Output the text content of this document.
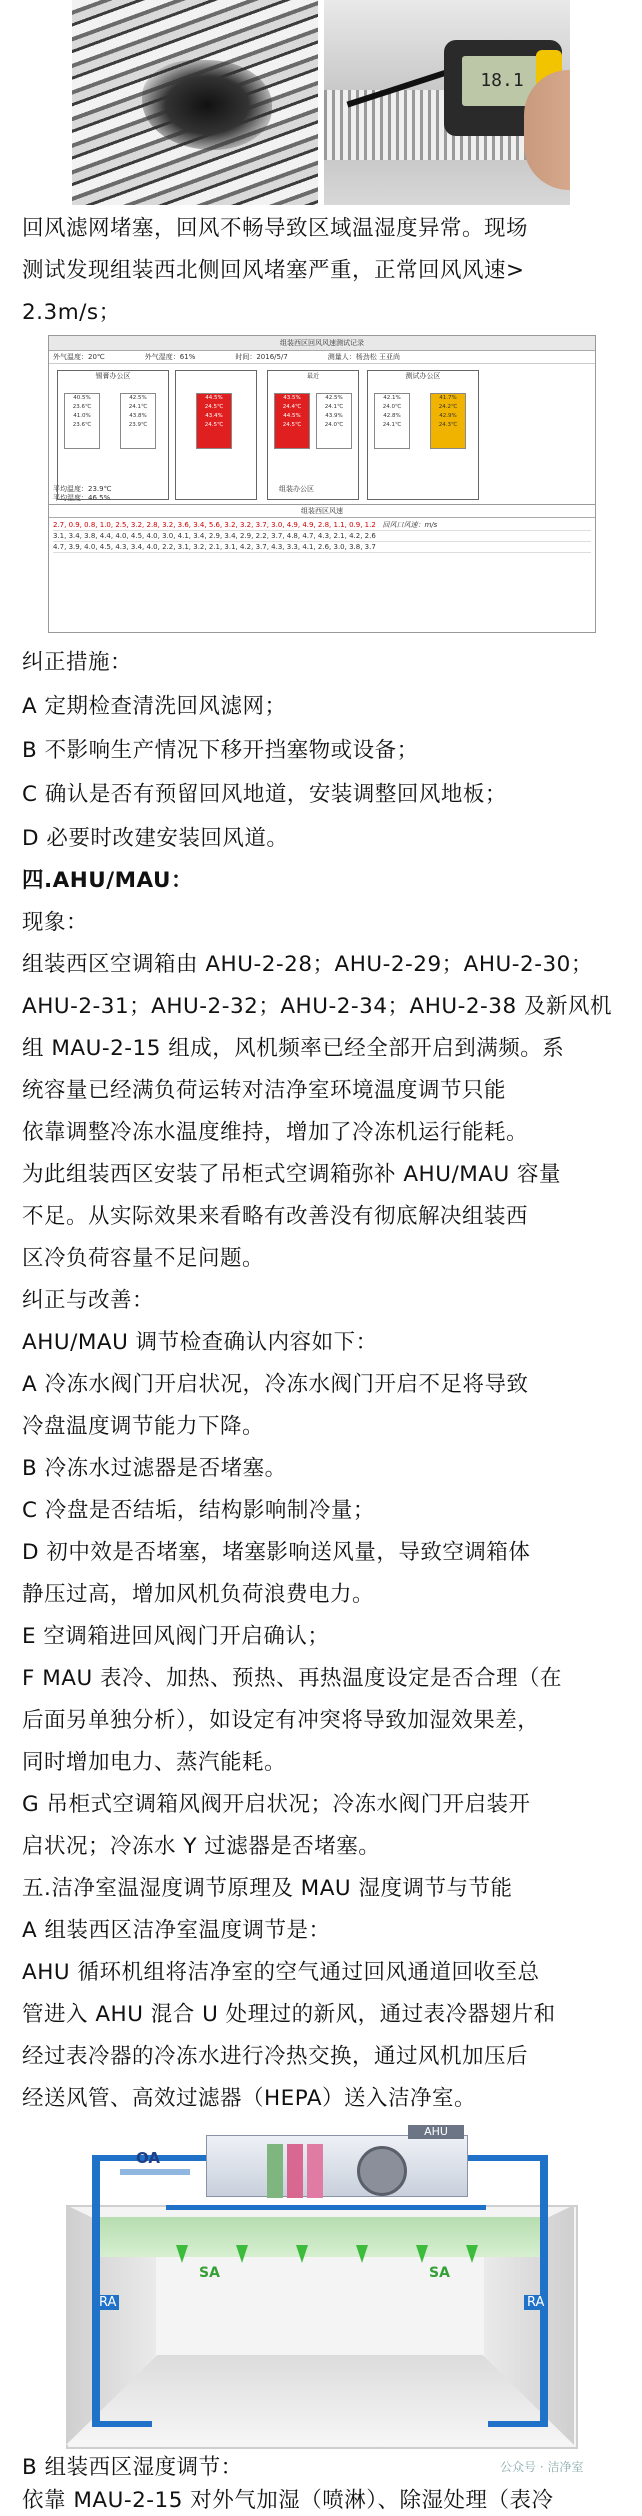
18.1
回风滤网堵塞，回风不畅导致区域温湿度异常。现场
测试发现组装西北侧回风堵塞严重，正常回风风速>
2.3m/s；
组装西区回风风速测试记录
外气温度：20℃	外气湿度：61%	时间：2016/5/7	测量人：杨劲松 王亚尚
锡膏办公区
40.5%
23.6℃
41.0%
23.6℃
42.5%
24.1℃
43.8%
23.9℃
44.5%
24.5℃
43.4%
24.5℃
最近
43.5%
24.4℃
44.5%
24.5℃
42.5%
24.1℃
43.9%
24.0℃
测试办公区
42.1%
24.0℃
42.8%
24.1℃
41.7%
24.2℃
42.9%
24.3℃
组装办公区
平均温度：23.9℃
平均湿度：46.5%
组装西区风速
2.7, 0.9, 0.8, 1.0, 2.5, 3.2, 2.8, 3.2, 3.6, 3.4, 5.6, 3.2, 3.2, 3.7, 3.0, 4.9, 4.9, 2.8, 1.1, 0.9, 1.2 回风口风速：m/s
3.1, 3.4, 3.8, 4.4, 4.0, 4.5, 4.0, 3.0, 4.1, 3.4, 2.9, 3.4, 2.9, 2.2, 3.7, 4.8, 4.7, 4.3, 2.1, 4.2, 2.6
4.7, 3.9, 4.0, 4.5, 4.3, 3.4, 4.0, 2.2, 3.1, 3.2, 2.1, 3.1, 4.2, 3.7, 4.3, 3.3, 4.1, 2.6, 3.0, 3.8, 3.7
纠正措施：
A 定期检查清洗回风滤网；
B 不影响生产情况下移开挡塞物或设备；
C 确认是否有预留回风地道，安装调整回风地板；
D 必要时改建安装回风道。
四.AHU/MAU：
现象：
组装西区空调箱由 AHU-2-28；AHU-2-29；AHU-2-30；
AHU-2-31；AHU-2-32；AHU-2-34；AHU-2-38 及新风机
组 MAU-2-15 组成，风机频率已经全部开启到满频。系
统容量已经满负荷运转对洁净室环境温度调节只能
依靠调整冷冻水温度维持，增加了冷冻机运行能耗。
为此组装西区安装了吊柜式空调箱弥补 AHU/MAU 容量
不足。从实际效果来看略有改善没有彻底解决组装西
区冷负荷容量不足问题。
纠正与改善：
AHU/MAU 调节检查确认内容如下：
A 冷冻水阀门开启状况，冷冻水阀门开启不足将导致
冷盘温度调节能力下降。
B 冷冻水过滤器是否堵塞。
C 冷盘是否结垢，结构影响制冷量；
D 初中效是否堵塞，堵塞影响送风量，导致空调箱体
静压过高，增加风机负荷浪费电力。
E 空调箱进回风阀门开启确认；
F MAU 表冷、加热、预热、再热温度设定是否合理（在
后面另单独分析），如设定有冲突将导致加湿效果差，
同时增加电力、蒸汽能耗。
G 吊柜式空调箱风阀开启状况；冷冻水阀门开启装开
启状况；冷冻水 Y 过滤器是否堵塞。
五.洁净室温湿度调节原理及 MAU 湿度调节与节能
A 组装西区洁净室温度调节是：
AHU 循环机组将洁净室的空气通过回风通道回收至总
管进入 AHU 混合 U 处理过的新风，通过表冷器翅片和
经过表冷器的冷冻水进行冷热交换，通过风机加压后
经送风管、高效过滤器（HEPA）送入洁净室。
AHU
OA
SA	SA
RA	RA
B 组装西区湿度调节：
依靠 MAU-2-15 对外气加湿（喷淋）、除湿处理（表冷
公众号 · 洁净室
